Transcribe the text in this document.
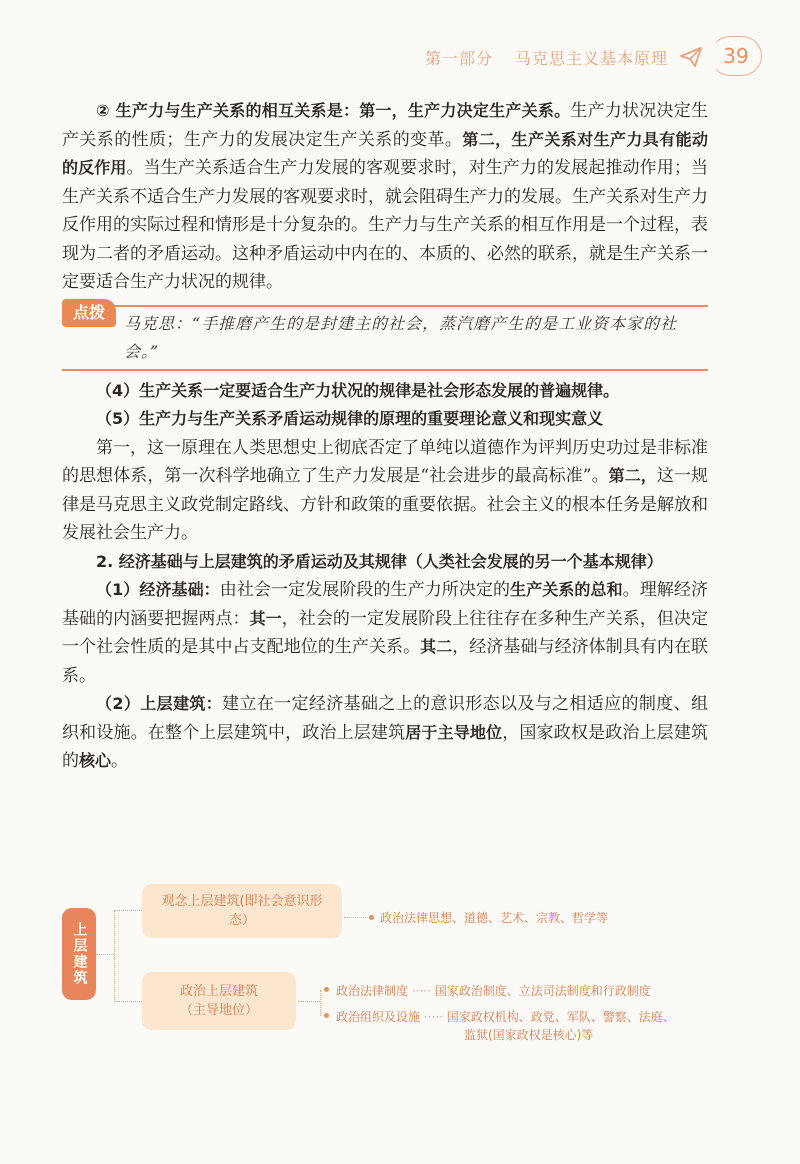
第一部分 马克思主义基本原理	39

② 生产力与生产关系的相互关系是：第一，生产力决定生产关系。生产力状况决定生产关系的性质；生产力的发展决定生产关系的变革。第二，生产关系对生产力具有能动的反作用。当生产关系适合生产力发展的客观要求时，对生产力的发展起推动作用；当生产关系不适合生产力发展的客观要求时，就会阻碍生产力的发展。生产关系对生产力反作用的实际过程和情形是十分复杂的。生产力与生产关系的相互作用是一个过程，表现为二者的矛盾运动。这种矛盾运动中内在的、本质的、必然的联系，就是生产关系一定要适合生产力状况的规律。

点拨
马克思：“手推磨产生的是封建主的社会，蒸汽磨产生的是工业资本家的社会。”

（4）生产关系一定要适合生产力状况的规律是社会形态发展的普遍规律。

（5）生产力与生产关系矛盾运动规律的原理的重要理论意义和现实意义

第一，这一原理在人类思想史上彻底否定了单纯以道德作为评判历史功过是非标准的思想体系，第一次科学地确立了生产力发展是“社会进步的最高标准”。第二，这一规律是马克思主义政党制定路线、方针和政策的重要依据。社会主义的根本任务是解放和发展社会生产力。

2. 经济基础与上层建筑的矛盾运动及其规律（人类社会发展的另一个基本规律）

（1）经济基础：由社会一定发展阶段的生产力所决定的生产关系的总和。理解经济基础的内涵要把握两点：其一，社会的一定发展阶段上往往存在多种生产关系，但决定一个社会性质的是其中占支配地位的生产关系。其二，经济基础与经济体制具有内在联系。

（2）上层建筑：建立在一定经济基础之上的意识形态以及与之相适应的制度、组织和设施。在整个上层建筑中，政治上层建筑居于主导地位，国家政权是政治上层建筑的核心。

上层建筑
观念上层建筑(即社会意识形态）	政治法律思想、道德、艺术、宗教、哲学等
政治上层建筑
（主导地位）
政治法律制度 ····· 国家政治制度、立法司法制度和行政制度
政治组织及设施 ····· 国家政权机构、政党、军队、警察、法庭、
监狱(国家政权是核心)等
